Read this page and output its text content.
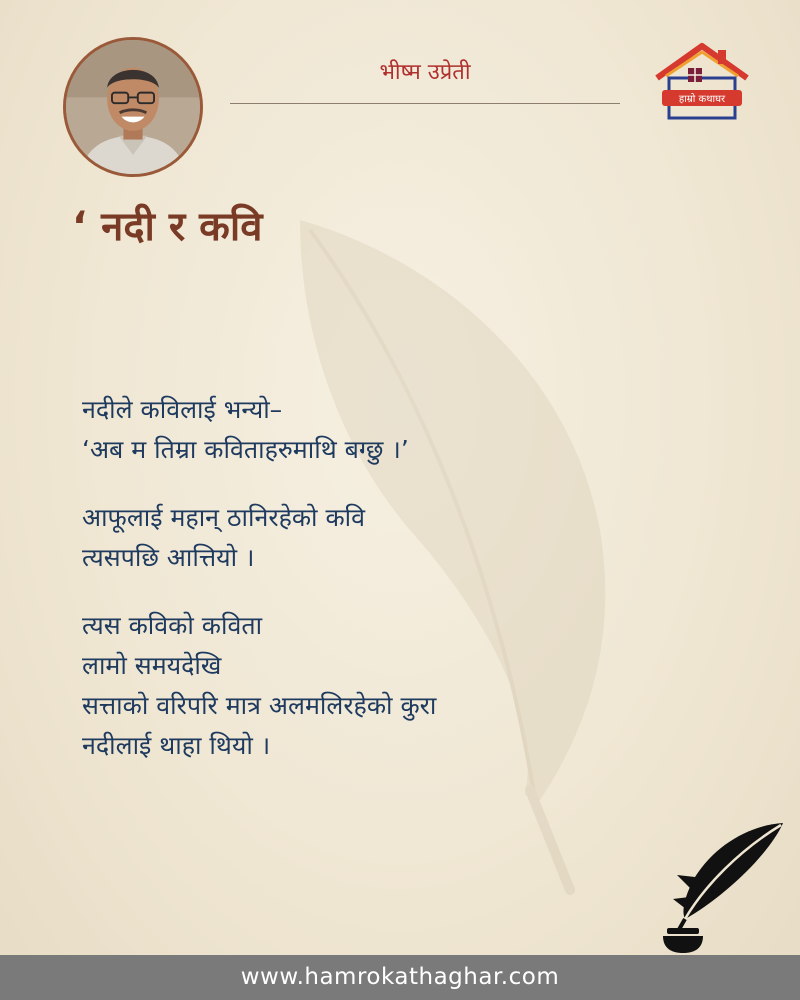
भीष्म उप्रेती
हाम्रो कथाघर
‘ नदी र कवि
नदीले कविलाई भन्यो–
‘अब म तिम्रा कविताहरुमाथि बग्छु ।’
आफूलाई महान् ठानिरहेको कवि
त्यसपछि आत्तियो ।
त्यस कविको कविता
लामो समयदेखि
सत्ताको वरिपरि मात्र अलमलिरहेको कुरा
नदीलाई थाहा थियो ।
www.hamrokathaghar.com
